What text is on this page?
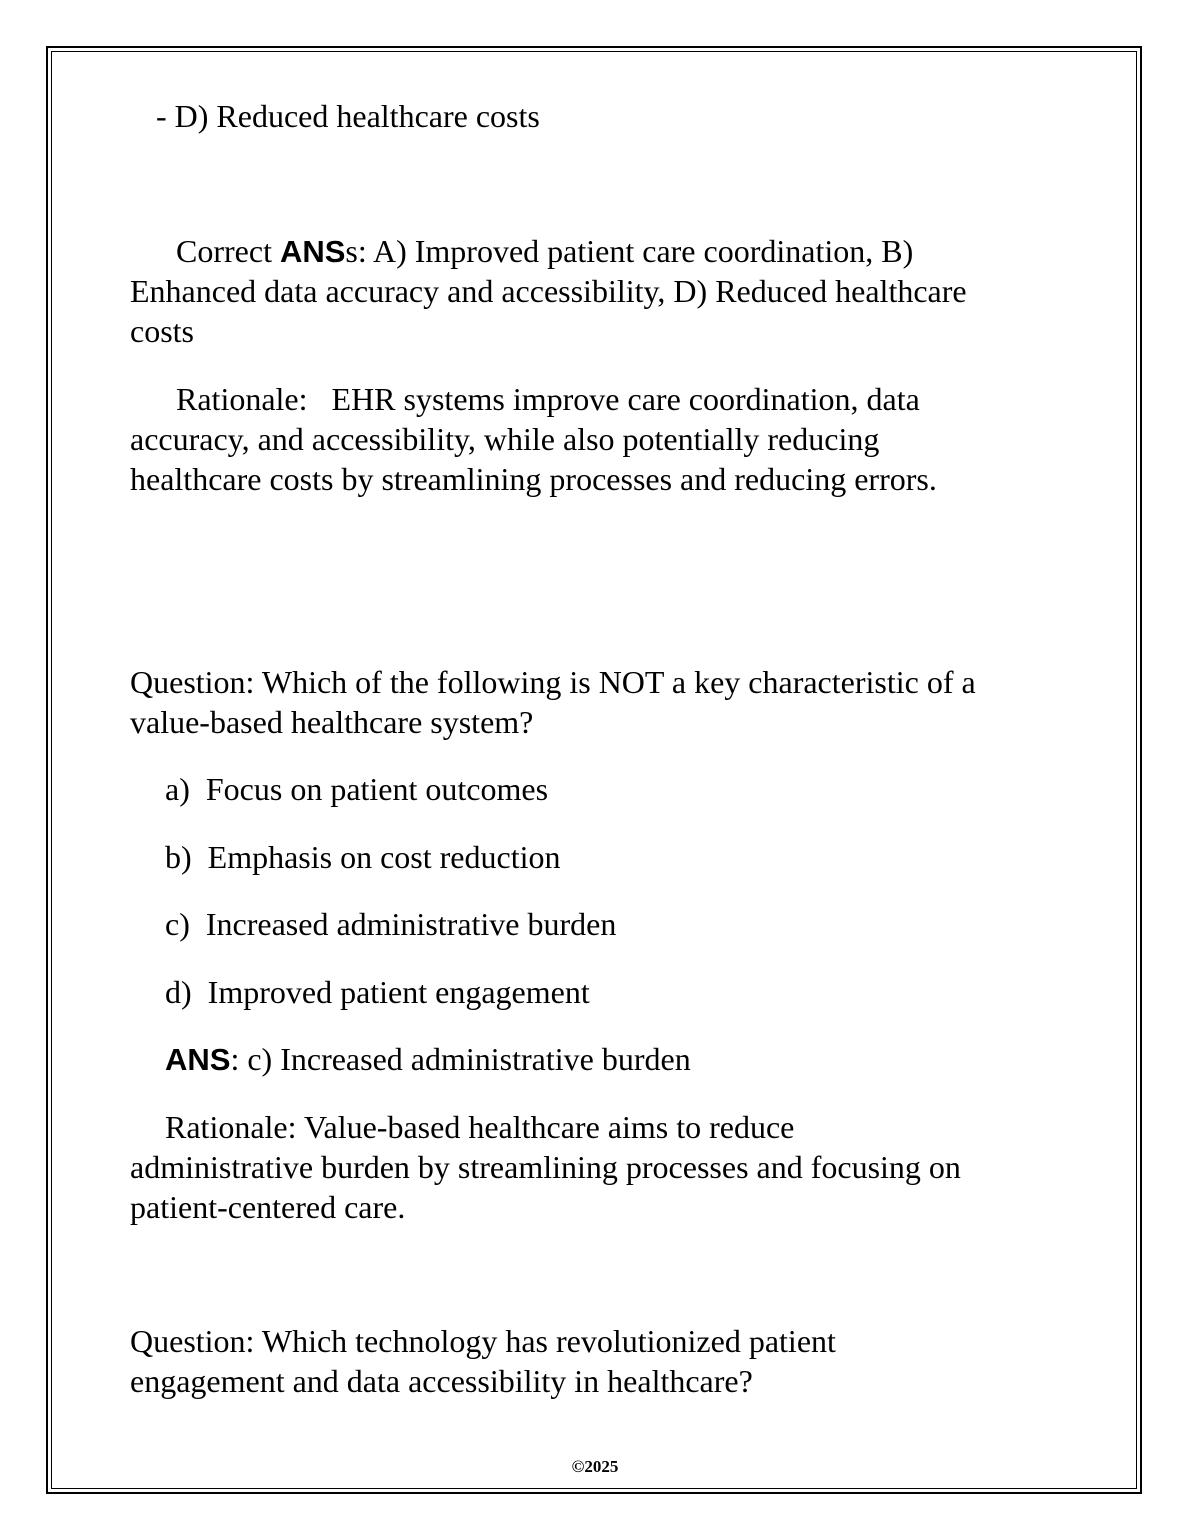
- D) Reduced healthcare costs

Correct ANSs: A) Improved patient care coordination, B)

Enhanced data accuracy and accessibility, D) Reduced healthcare

costs

Rationale:   EHR systems improve care coordination, data

accuracy, and accessibility, while also potentially reducing

healthcare costs by streamlining processes and reducing errors.

Question: Which of the following is NOT a key characteristic of a

value-based healthcare system?

a)  Focus on patient outcomes

b)  Emphasis on cost reduction

c)  Increased administrative burden

d)  Improved patient engagement

ANS: c) Increased administrative burden

Rationale: Value-based healthcare aims to reduce

administrative burden by streamlining processes and focusing on

patient-centered care.

Question: Which technology has revolutionized patient

engagement and data accessibility in healthcare?

©2025
